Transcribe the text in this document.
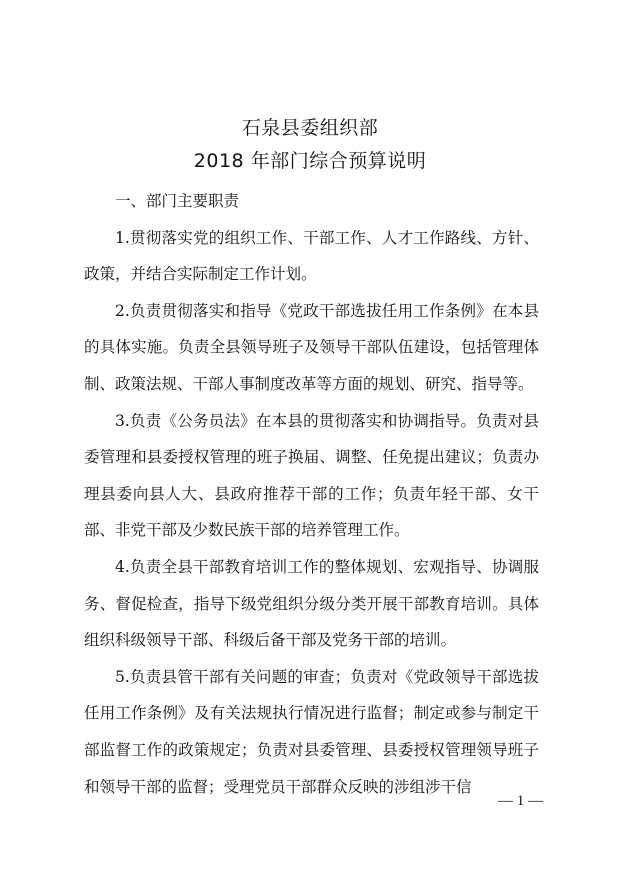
石泉县委组织部
2018 年部门综合预算说明

一、部门主要职责

1.贯彻落实党的组织工作、干部工作、人才工作路线、方针、政策，并结合实际制定工作计划。

2.负责贯彻落实和指导《党政干部选拔任用工作条例》在本县的具体实施。负责全县领导班子及领导干部队伍建设，包括管理体制、政策法规、干部人事制度改革等方面的规划、研究、指导等。

3.负责《公务员法》在本县的贯彻落实和协调指导。负责对县委管理和县委授权管理的班子换届、调整、任免提出建议；负责办理县委向县人大、县政府推荐干部的工作；负责年轻干部、女干部、非党干部及少数民族干部的培养管理工作。

4.负责全县干部教育培训工作的整体规划、宏观指导、协调服务、督促检查，指导下级党组织分级分类开展干部教育培训。具体组织科级领导干部、科级后备干部及党务干部的培训。

5.负责县管干部有关问题的审查；负责对《党政领导干部选拔任用工作条例》及有关法规执行情况进行监督；制定或参与制定干部监督工作的政策规定；负责对县委管理、县委授权管理领导班子和领导干部的监督；受理党员干部群众反映的涉组涉干信

— 1 —
